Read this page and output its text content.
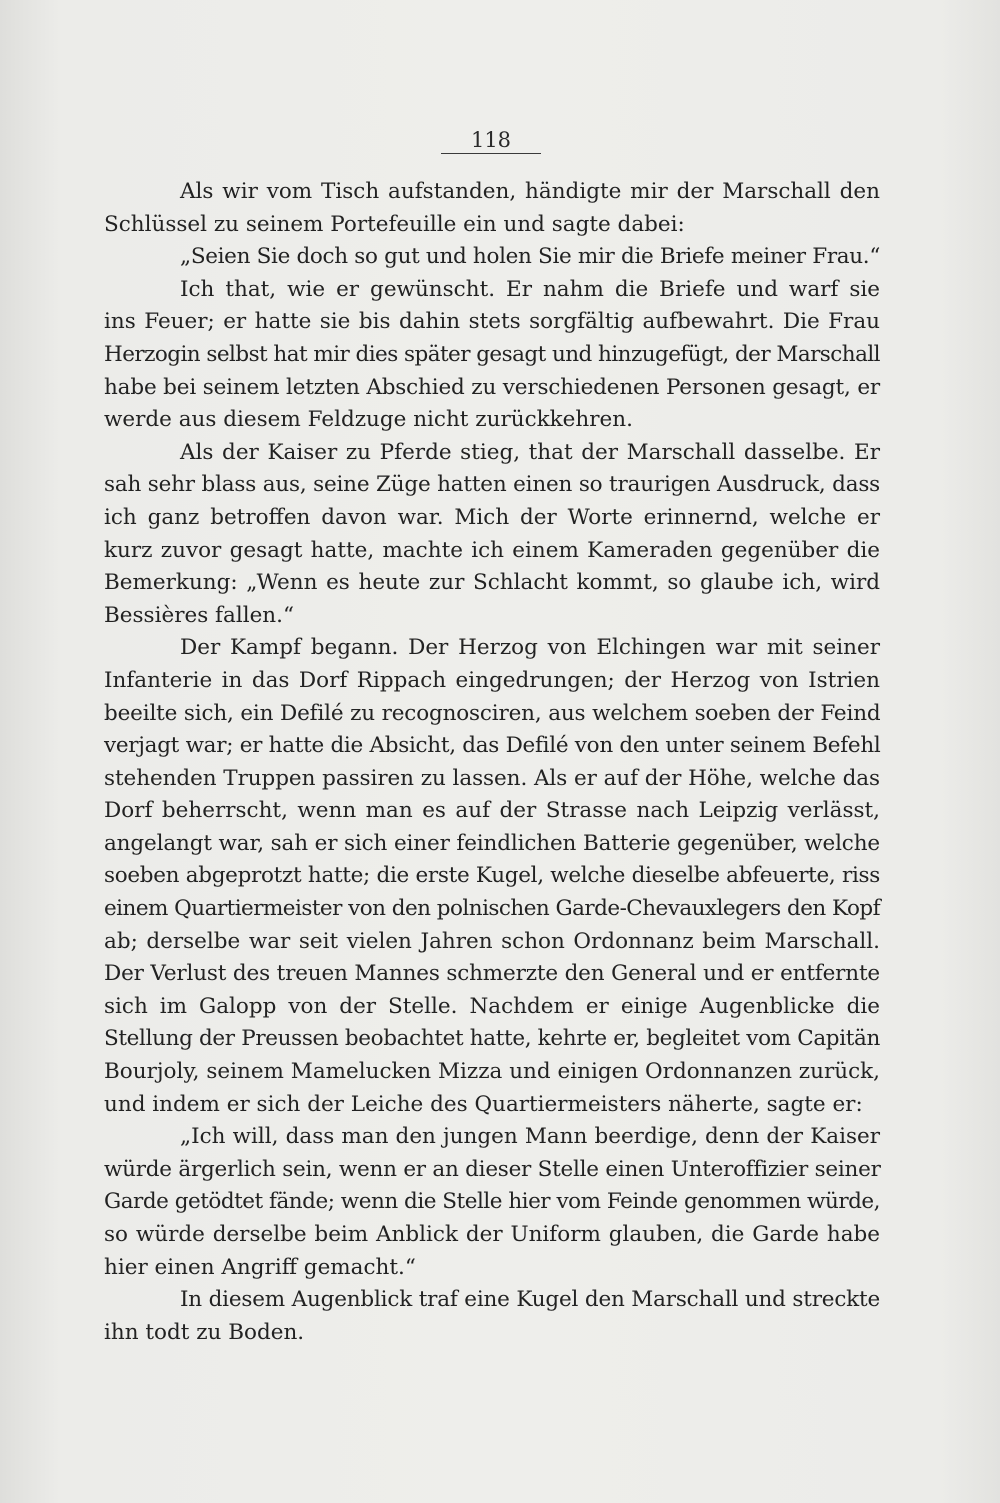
118
Als wir vom Tisch aufstanden, händigte mir der Marschall den
Schlüssel zu seinem Portefeuille ein und sagte dabei:
„Seien Sie doch so gut und holen Sie mir die Briefe meiner Frau.“
Ich that, wie er gewünscht. Er nahm die Briefe und warf sie
ins Feuer; er hatte sie bis dahin stets sorgfältig aufbewahrt. Die Frau
Herzogin selbst hat mir dies später gesagt und hinzugefügt, der Marschall
habe bei seinem letzten Abschied zu verschiedenen Personen gesagt, er
werde aus diesem Feldzuge nicht zurückkehren.
Als der Kaiser zu Pferde stieg, that der Marschall dasselbe. Er
sah sehr blass aus, seine Züge hatten einen so traurigen Ausdruck, dass
ich ganz betroffen davon war. Mich der Worte erinnernd, welche er
kurz zuvor gesagt hatte, machte ich einem Kameraden gegenüber die
Bemerkung: „Wenn es heute zur Schlacht kommt, so glaube ich, wird
Bessières fallen.“
Der Kampf begann. Der Herzog von Elchingen war mit seiner
Infanterie in das Dorf Rippach eingedrungen; der Herzog von Istrien
beeilte sich, ein Defilé zu recognosciren, aus welchem soeben der Feind
verjagt war; er hatte die Absicht, das Defilé von den unter seinem Befehl
stehenden Truppen passiren zu lassen. Als er auf der Höhe, welche das
Dorf beherrscht, wenn man es auf der Strasse nach Leipzig verlässt,
angelangt war, sah er sich einer feindlichen Batterie gegenüber, welche
soeben abgeprotzt hatte; die erste Kugel, welche dieselbe abfeuerte, riss
einem Quartiermeister von den polnischen Garde-Chevauxlegers den Kopf
ab; derselbe war seit vielen Jahren schon Ordonnanz beim Marschall.
Der Verlust des treuen Mannes schmerzte den General und er entfernte
sich im Galopp von der Stelle. Nachdem er einige Augenblicke die
Stellung der Preussen beobachtet hatte, kehrte er, begleitet vom Capitän
Bourjoly, seinem Mamelucken Mizza und einigen Ordonnanzen zurück,
und indem er sich der Leiche des Quartiermeisters näherte, sagte er:
„Ich will, dass man den jungen Mann beerdige, denn der Kaiser
würde ärgerlich sein, wenn er an dieser Stelle einen Unteroffizier seiner
Garde getödtet fände; wenn die Stelle hier vom Feinde genommen würde,
so würde derselbe beim Anblick der Uniform glauben, die Garde habe
hier einen Angriff gemacht.“
In diesem Augenblick traf eine Kugel den Marschall und streckte
ihn todt zu Boden.
